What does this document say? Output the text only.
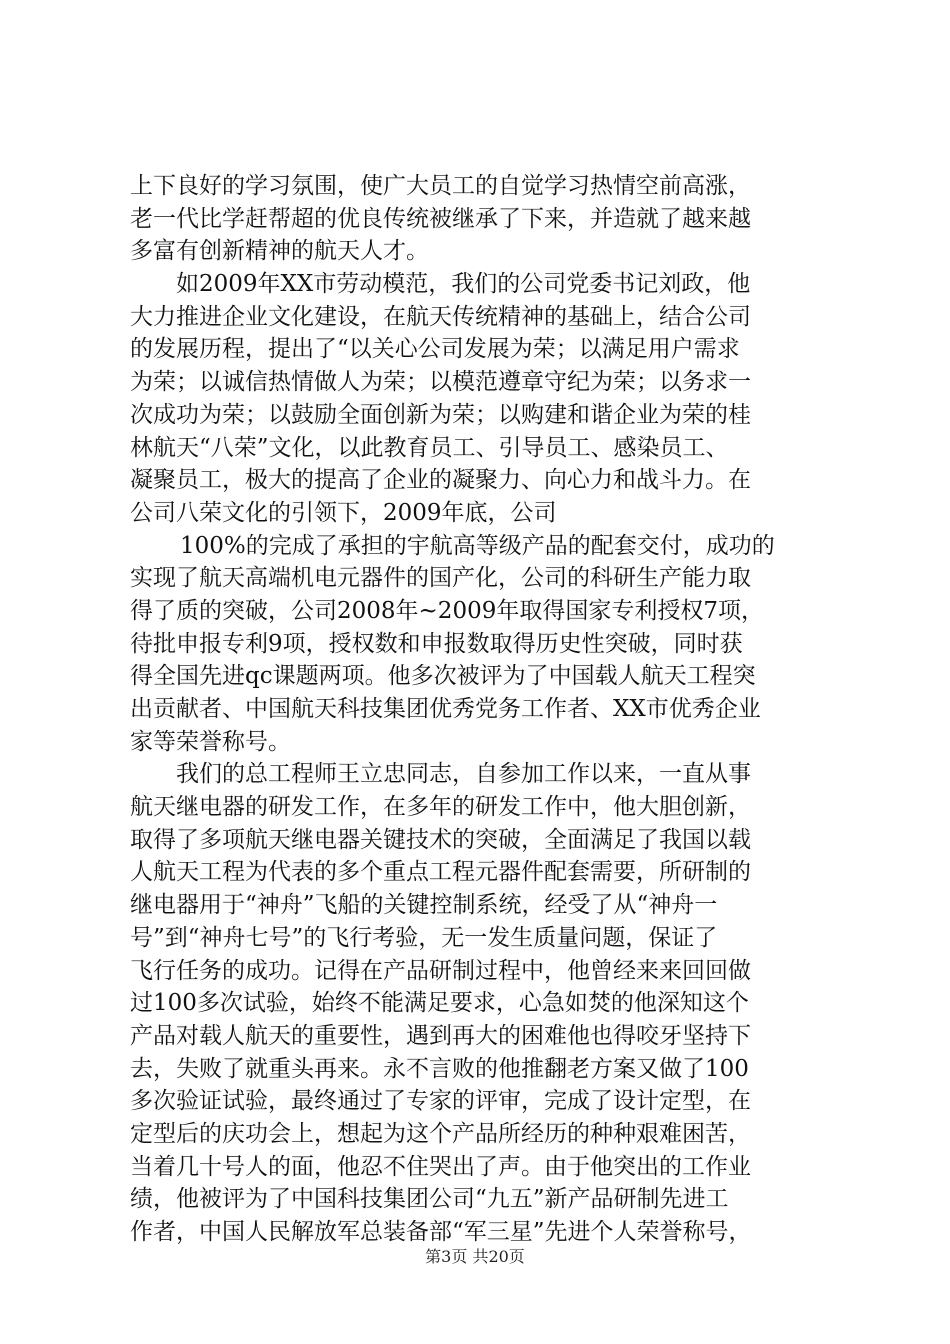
上下良好的学习氛围，使广大员工的自觉学习热情空前高涨，
老一代比学赶帮超的优良传统被继承了下来，并造就了越来越
多富有创新精神的航天人才。
如2009年XX市劳动模范，我们的公司党委书记刘政，他
大力推进企业文化建设，在航天传统精神的基础上，结合公司
的发展历程，提出了“以关心公司发展为荣；以满足用户需求
为荣；以诚信热情做人为荣；以模范遵章守纪为荣；以务求一
次成功为荣；以鼓励全面创新为荣；以购建和谐企业为荣的桂
林航天“八荣”文化，以此教育员工、引导员工、感染员工、
凝聚员工，极大的提高了企业的凝聚力、向心力和战斗力。在
公司八荣文化的引领下，2009年底，公司
100%的完成了承担的宇航高等级产品的配套交付，成功的
实现了航天高端机电元器件的国产化，公司的科研生产能力取
得了质的突破，公司2008年~2009年取得国家专利授权7项，
待批申报专利9项，授权数和申报数取得历史性突破，同时获
得全国先进qc课题两项。他多次被评为了中国载人航天工程突
出贡献者、中国航天科技集团优秀党务工作者、XX市优秀企业
家等荣誉称号。
我们的总工程师王立忠同志，自参加工作以来，一直从事
航天继电器的研发工作，在多年的研发工作中，他大胆创新，
取得了多项航天继电器关键技术的突破，全面满足了我国以载
人航天工程为代表的多个重点工程元器件配套需要，所研制的
继电器用于“神舟”飞船的关键控制系统，经受了从“神舟一
号”到“神舟七号”的飞行考验，无一发生质量问题，保证了
飞行任务的成功。记得在产品研制过程中，他曾经来来回回做
过100多次试验，始终不能满足要求，心急如焚的他深知这个
产品对载人航天的重要性，遇到再大的困难他也得咬牙坚持下
去，失败了就重头再来。永不言败的他推翻老方案又做了100
多次验证试验，最终通过了专家的评审，完成了设计定型，在
定型后的庆功会上，想起为这个产品所经历的种种艰难困苦，
当着几十号人的面，他忍不住哭出了声。由于他突出的工作业
绩，他被评为了中国科技集团公司“九五”新产品研制先进工
作者，中国人民解放军总装备部“军三星”先进个人荣誉称号，
第3页 共20页
